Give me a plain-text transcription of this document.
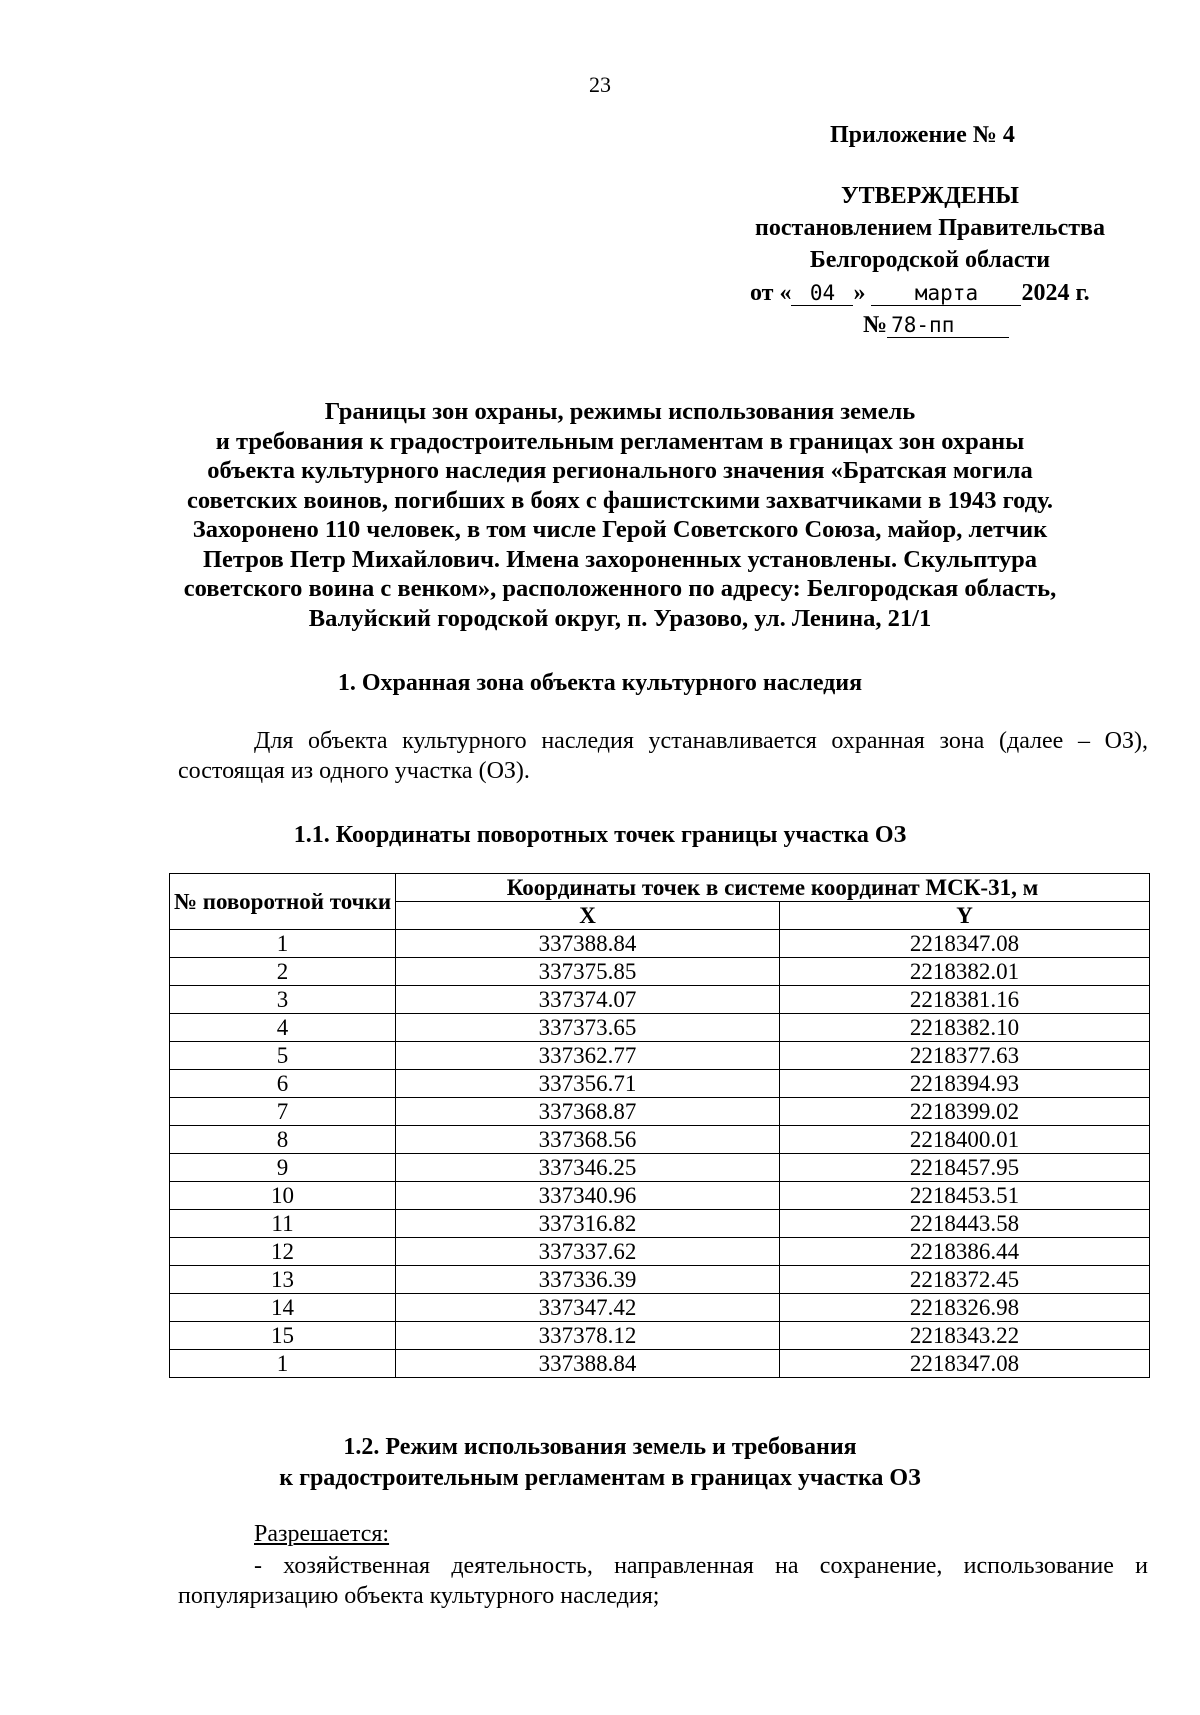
23
Приложение № 4
УТВЕРЖДЕНЫ
постановлением Правительства
Белгородской области
от « 04 » марта 2024 г.
№ 78-пп
Границы зон охраны, режимы использования земель
и требования к градостроительным регламентам в границах зон охраны
объекта культурного наследия регионального значения «Братская могила
советских воинов, погибших в боях с фашистскими захватчиками в 1943 году.
Захоронено 110 человек, в том числе Герой Советского Союза, майор, летчик
Петров Петр Михайлович. Имена захороненных установлены. Скульптура
советского воина с венком», расположенного по адресу: Белгородская область,
Валуйский городской округ, п. Уразово, ул. Ленина, 21/1
1. Охранная зона объекта культурного наследия
Для объекта культурного наследия устанавливается охранная зона (далее – ОЗ), состоящая из одного участка (ОЗ).
1.1. Координаты поворотных точек границы участка ОЗ
№ поворотной точки	Координаты точек в системе координат МСК-31, м	
	X	Y
1	337388.84	2218347.08
2	337375.85	2218382.01
3	337374.07	2218381.16
4	337373.65	2218382.10
5	337362.77	2218377.63
6	337356.71	2218394.93
7	337368.87	2218399.02
8	337368.56	2218400.01
9	337346.25	2218457.95
10	337340.96	2218453.51
11	337316.82	2218443.58
12	337337.62	2218386.44
13	337336.39	2218372.45
14	337347.42	2218326.98
15	337378.12	2218343.22
1	337388.84	2218347.08
1.2. Режим использования земель и требования
к градостроительным регламентам в границах участка ОЗ
Разрешается:
- хозяйственная деятельность, направленная на сохранение, использование и популяризацию объекта культурного наследия;
